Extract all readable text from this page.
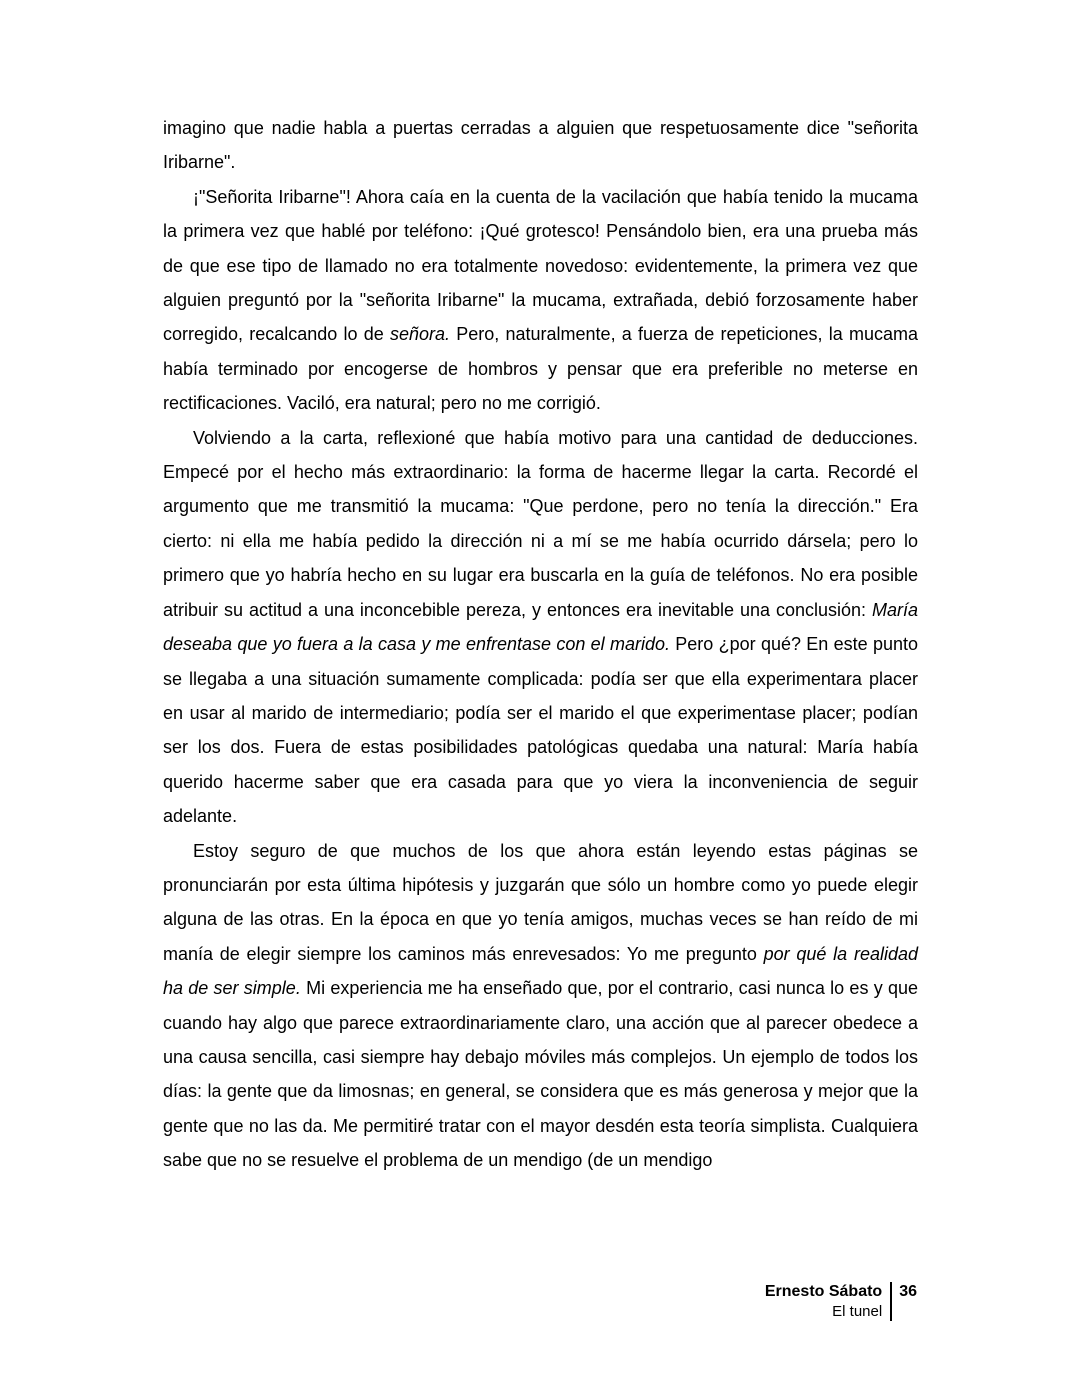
imagino que nadie habla a puertas cerradas a alguien que respetuosamente dice "señorita Iribarne".

¡"Señorita Iribarne"! Ahora caía en la cuenta de la vacilación que había tenido la mucama la primera vez que hablé por teléfono: ¡Qué grotesco! Pensándolo bien, era una prueba más de que ese tipo de llamado no era totalmente novedoso: evidentemente, la primera vez que alguien preguntó por la "señorita Iribarne" la mucama, extrañada, debió forzosamente haber corregido, recalcando lo de señora. Pero, naturalmente, a fuerza de repeticiones, la mucama había terminado por encogerse de hombros y pensar que era preferible no meterse en rectificaciones. Vaciló, era natural; pero no me corrigió.

Volviendo a la carta, reflexioné que había motivo para una cantidad de deducciones. Empecé por el hecho más extraordinario: la forma de hacerme llegar la carta. Recordé el argumento que me transmitió la mucama: "Que perdone, pero no tenía la dirección." Era cierto: ni ella me había pedido la dirección ni a mí se me había ocurrido dársela; pero lo primero que yo habría hecho en su lugar era buscarla en la guía de teléfonos. No era posible atribuir su actitud a una inconcebible pereza, y entonces era inevitable una conclusión: María deseaba que yo fuera a la casa y me enfrentase con el marido. Pero ¿por qué? En este punto se llegaba a una situación sumamente complicada: podía ser que ella experimentara placer en usar al marido de intermediario; podía ser el marido el que experimentase placer; podían ser los dos. Fuera de estas posibilidades patológicas quedaba una natural: María había querido hacerme saber que era casada para que yo viera la inconveniencia de seguir adelante.

Estoy seguro de que muchos de los que ahora están leyendo estas páginas se pronunciarán por esta última hipótesis y juzgarán que sólo un hombre como yo puede elegir alguna de las otras. En la época en que yo tenía amigos, muchas veces se han reído de mi manía de elegir siempre los caminos más enrevesados: Yo me pregunto por qué la realidad ha de ser simple. Mi experiencia me ha enseñado que, por el contrario, casi nunca lo es y que cuando hay algo que parece extraordinariamente claro, una acción que al parecer obedece a una causa sencilla, casi siempre hay debajo móviles más complejos. Un ejemplo de todos los días: la gente que da limosnas; en general, se considera que es más generosa y mejor que la gente que no las da. Me permitiré tratar con el mayor desdén esta teoría simplista. Cualquiera sabe que no se resuelve el problema de un mendigo (de un mendigo

Ernesto Sábato
El tunel
36
